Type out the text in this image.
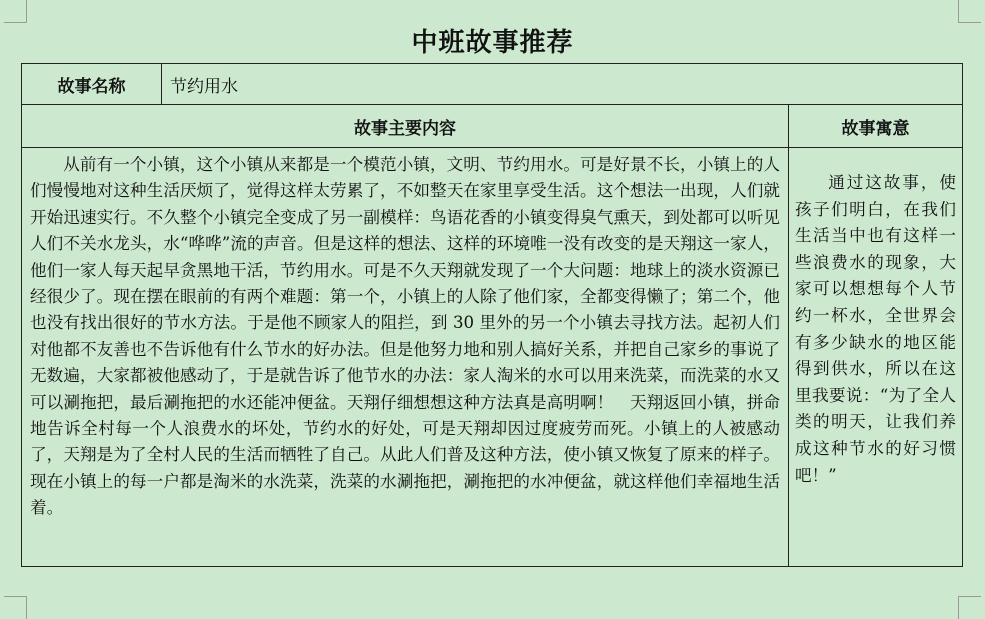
中班故事推荐
故事名称	节约用水	
故事主要内容		故事寓意

从前有一个小镇，这个小镇从来都是一个模范小镇，文明、节约用水。可是好景不长，小镇上的人们慢慢地对这种生活厌烦了，觉得这样太劳累了，不如整天在家里享受生活。这个想法一出现，人们就开始迅速实行。不久整个小镇完全变成了另一副模样：鸟语花香的小镇变得臭气熏天，到处都可以听见人们不关水龙头，水“哗哗”流的声音。但是这样的想法、这样的环境唯一没有改变的是天翔这一家人，他们一家人每天起早贪黑地干活，节约用水。可是不久天翔就发现了一个大问题：地球上的淡水资源已经很少了。现在摆在眼前的有两个难题：第一个，小镇上的人除了他们家，全都变得懒了；第二个，他也没有找出很好的节水方法。于是他不顾家人的阻拦，到 30 里外的另一个小镇去寻找方法。起初人们对他都不友善也不告诉他有什么节水的好办法。但是他努力地和别人搞好关系，并把自己家乡的事说了无数遍，大家都被他感动了，于是就告诉了他节水的办法：家人淘米的水可以用来洗菜，而洗菜的水又可以涮拖把，最后涮拖把的水还能冲便盆。天翔仔细想想这种方法真是高明啊！　天翔返回小镇，拼命地告诉全村每一个人浪费水的坏处，节约水的好处，可是天翔却因过度疲劳而死。小镇上的人被感动了，天翔是为了全村人民的生活而牺牲了自己。从此人们普及这种方法，使小镇又恢复了原来的样子。现在小镇上的每一户都是淘米的水洗菜，洗菜的水涮拖把，涮拖把的水冲便盆，就这样他们幸福地生活着。		通过这故事，使孩子们明白，在我们生活当中也有这样一些浪费水的现象，大家可以想想每个人节约一杯水，全世界会有多少缺水的地区能得到供水，所以在这里我要说：“为了全人类的明天，让我们养成这种节水的好习惯吧！”
